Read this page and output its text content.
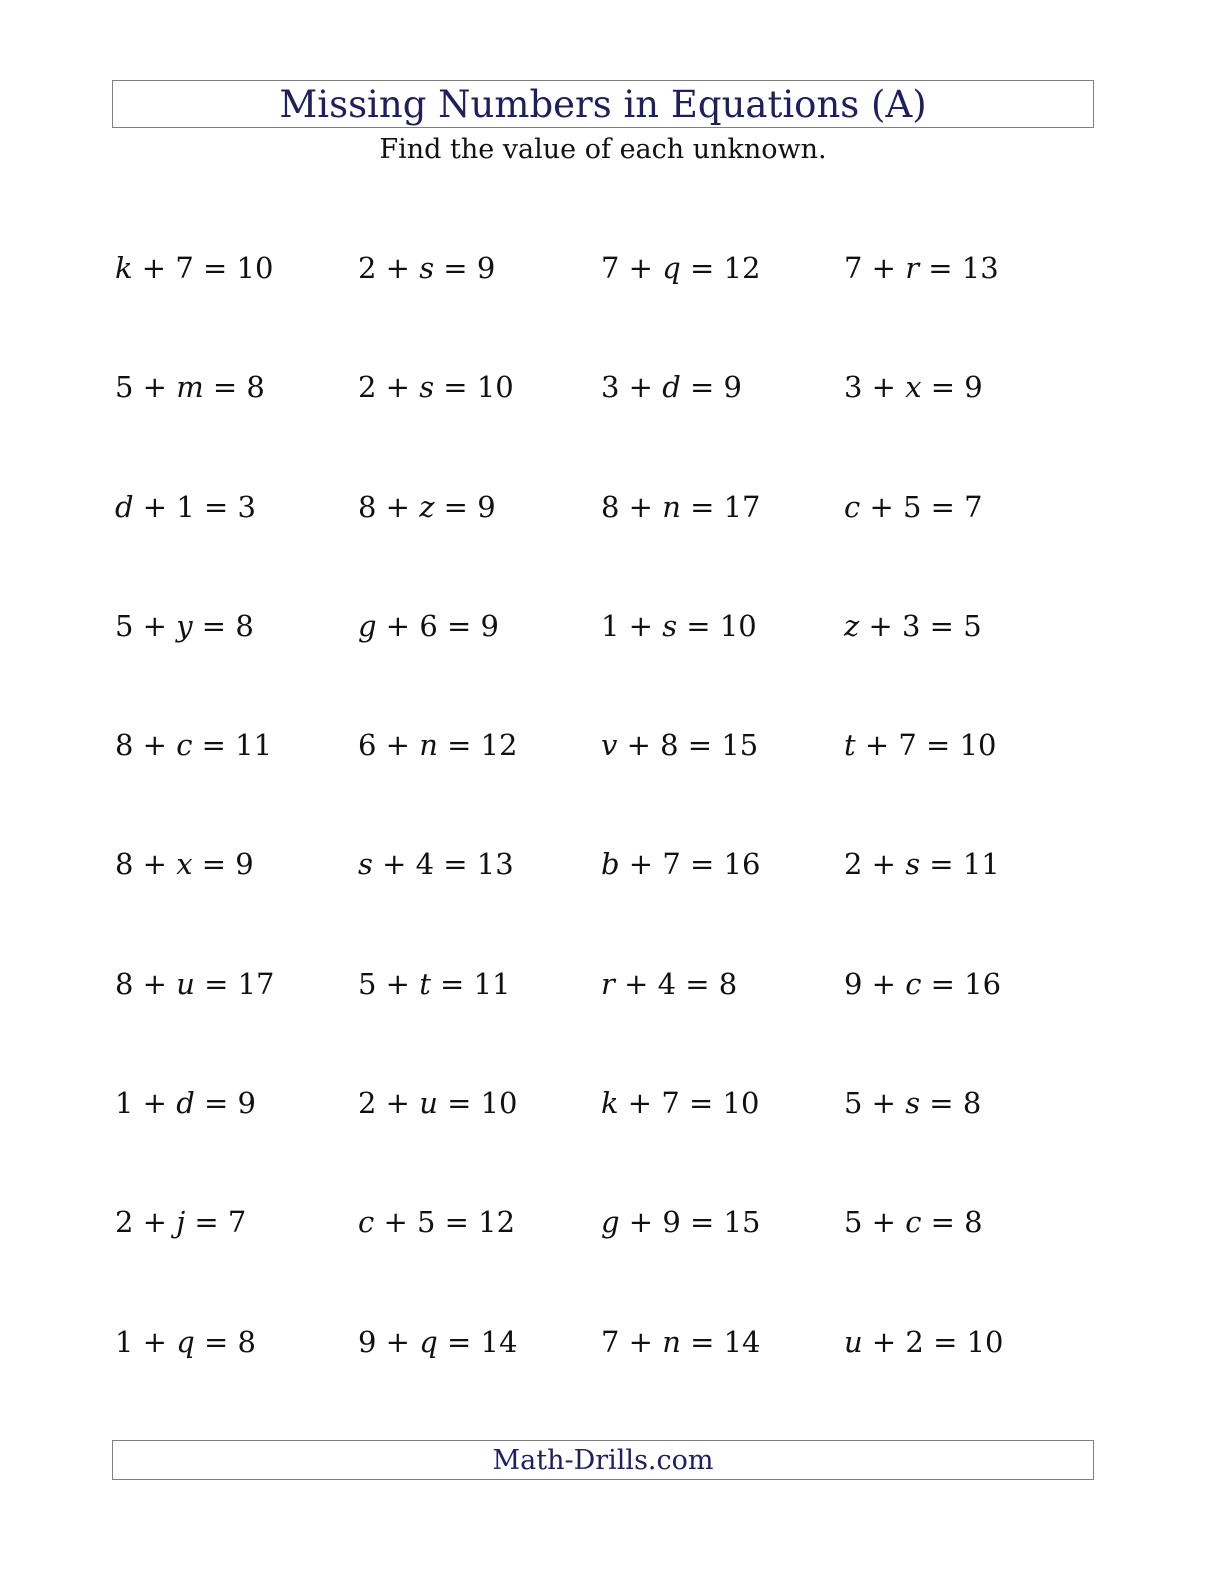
Missing Numbers in Equations (A)
Find the value of each unknown.
k + 7 = 10	2 + s = 9	7 + q = 12	7 + r = 13
5 + m = 8	2 + s = 10	3 + d = 9	3 + x = 9
d + 1 = 3	8 + z = 9	8 + n = 17	c + 5 = 7
5 + y = 8	g + 6 = 9	1 + s = 10	z + 3 = 5
8 + c = 11	6 + n = 12	v + 8 = 15	t + 7 = 10
8 + x = 9	s + 4 = 13	b + 7 = 16	2 + s = 11
8 + u = 17	5 + t = 11	r + 4 = 8	9 + c = 16
1 + d = 9	2 + u = 10	k + 7 = 10	5 + s = 8
2 + j = 7	c + 5 = 12	g + 9 = 15	5 + c = 8
1 + q = 8	9 + q = 14	7 + n = 14	u + 2 = 10
Math-Drills.com
